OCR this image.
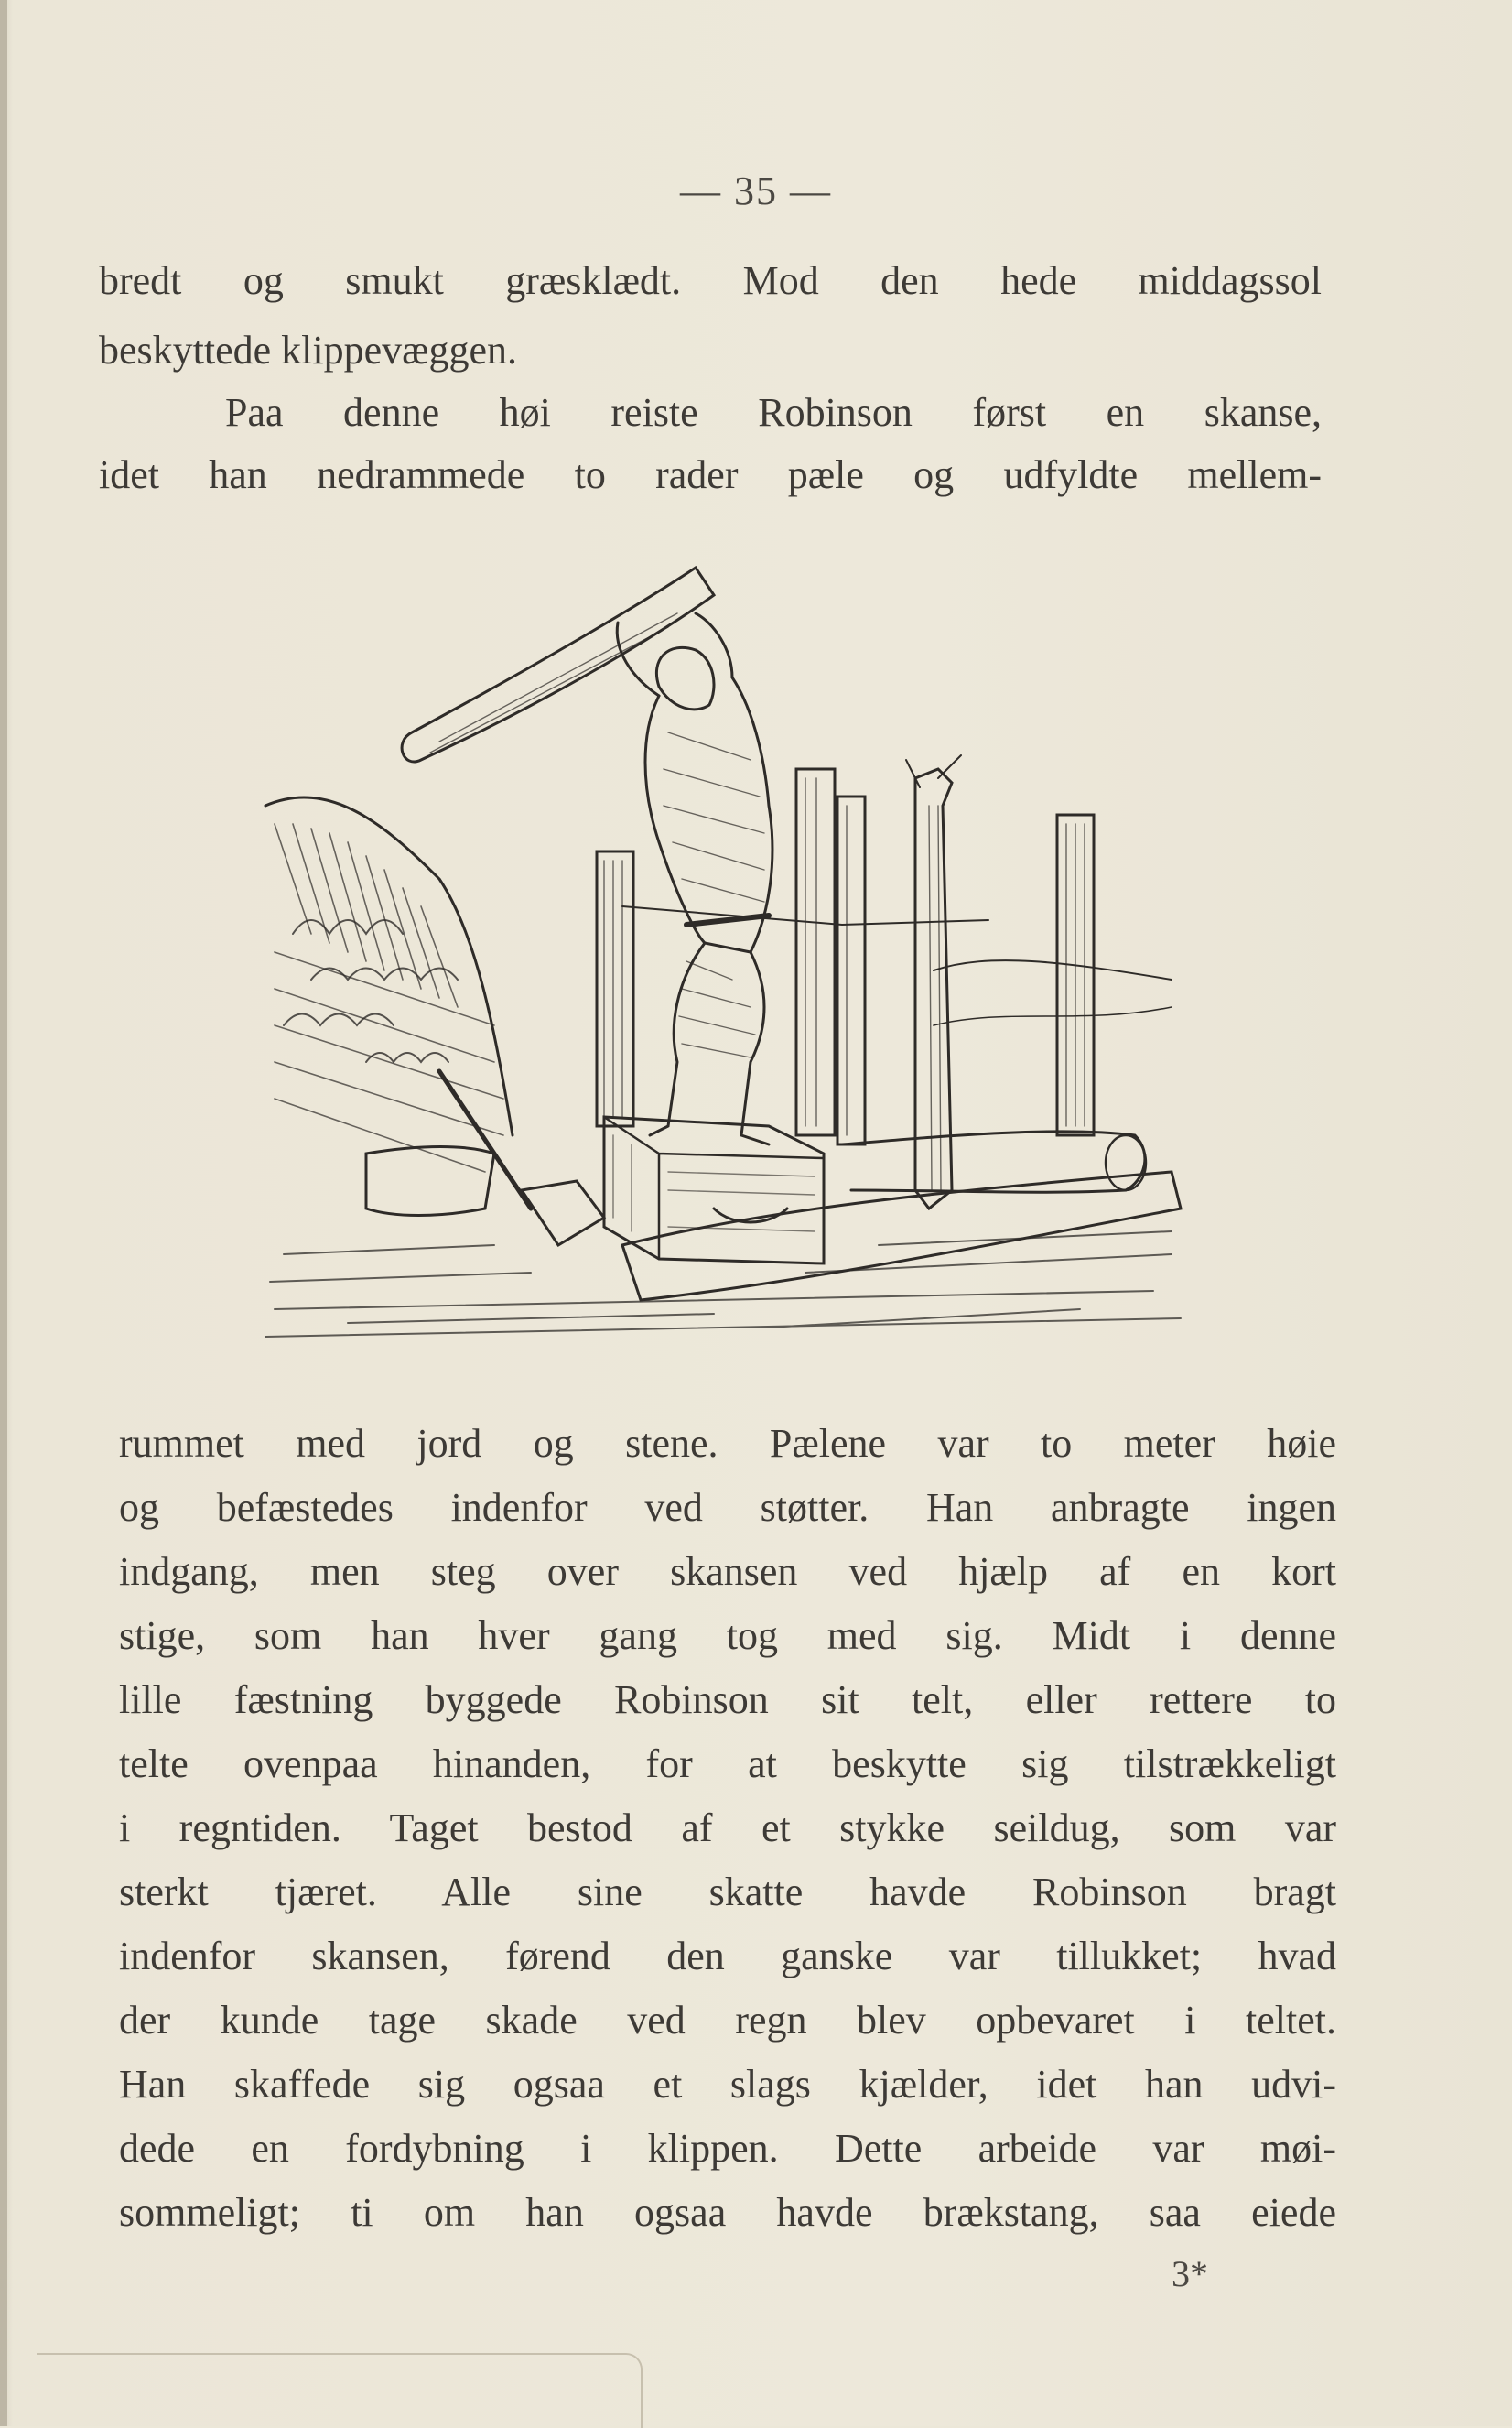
— 35 —

bredt og smukt græsklædt. Mod den hede middagssol

beskyttede klippevæggen.

Paa denne høi reiste Robinson først en skanse,

idet han nedrammede to rader pæle og udfyldte mellem-

rummet med jord og stene. Pælene var to meter høie

og befæstedes indenfor ved støtter. Han anbragte ingen

indgang, men steg over skansen ved hjælp af en kort

stige, som han hver gang tog med sig. Midt i denne

lille fæstning byggede Robinson sit telt, eller rettere to

telte ovenpaa hinanden, for at beskytte sig tilstrækkeligt

i regntiden. Taget bestod af et stykke seildug, som var

sterkt tjæret. Alle sine skatte havde Robinson bragt

indenfor skansen, førend den ganske var tillukket; hvad

der kunde tage skade ved regn blev opbevaret i teltet.

Han skaffede sig ogsaa et slags kjælder, idet han udvi-

dede en fordybning i klippen. Dette arbeide var møi-

sommeligt; ti om han ogsaa havde brækstang, saa eiede

3*
